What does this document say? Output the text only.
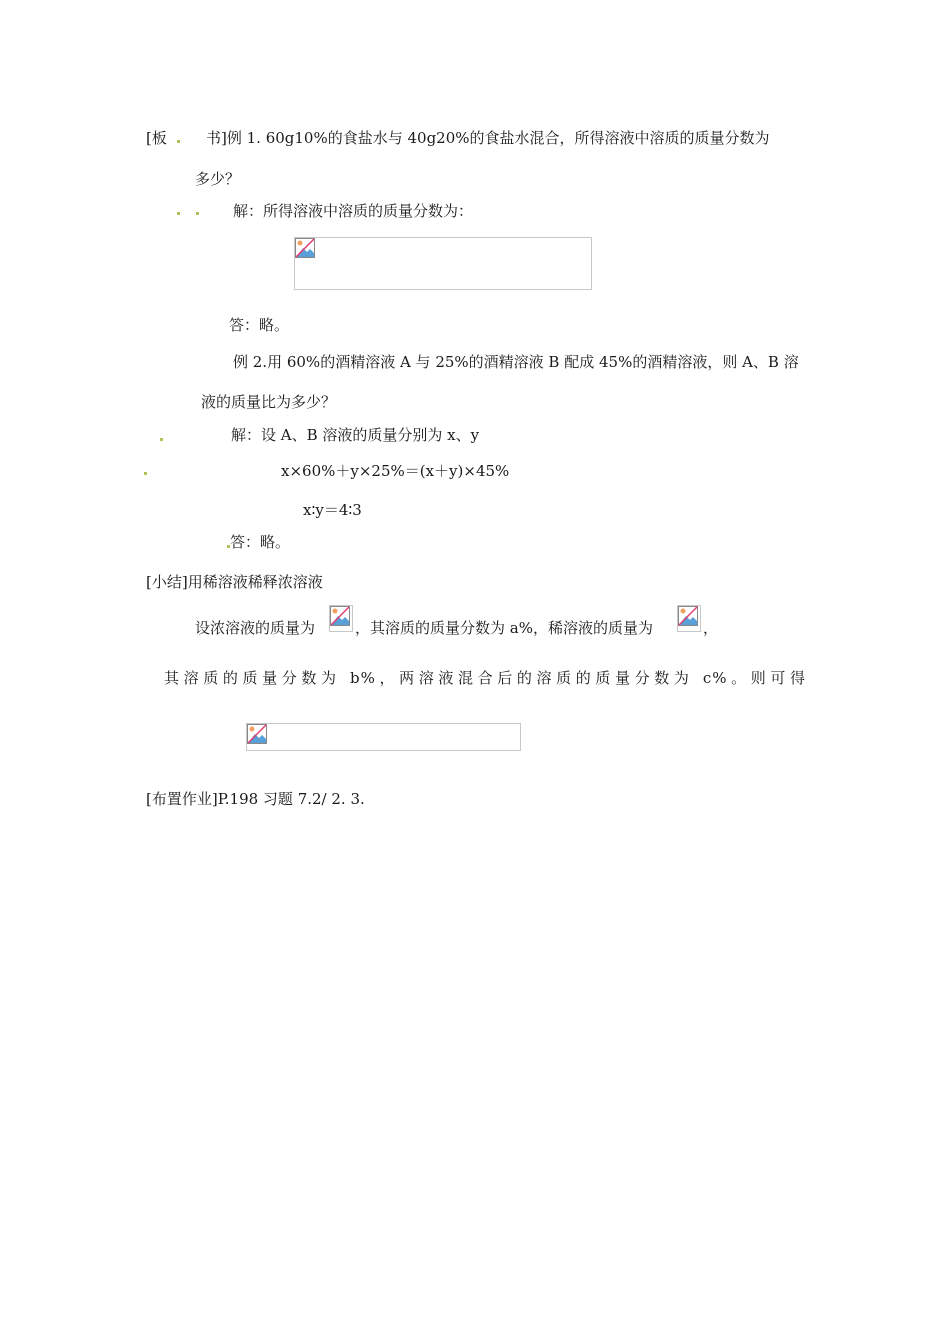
[板	书]例 1. 60g10%的食盐水与 40g20%的食盐水混合，所得溶液中溶质的质量分数为
多少？
解：所得溶液中溶质的质量分数为：
答：略。
例 2.用 60%的酒精溶液 A 与 25%的酒精溶液 B 配成 45%的酒精溶液，则 A、B 溶
液的质量比为多少？
解：设 A、B 溶液的质量分别为 x、y
x×60%＋y×25%＝(x＋y)×45%
x∶y＝4∶3
答：略。
[小结]用稀溶液稀释浓溶液
设浓溶液的质量为	，其溶质的质量分数为 a%，稀溶液的质量为	，
其溶质的质量分数为 b%，两溶液混合后的溶质的质量分数为 c%。则可得
[布置作业]P.198 习题 7.2/ 2. 3.
